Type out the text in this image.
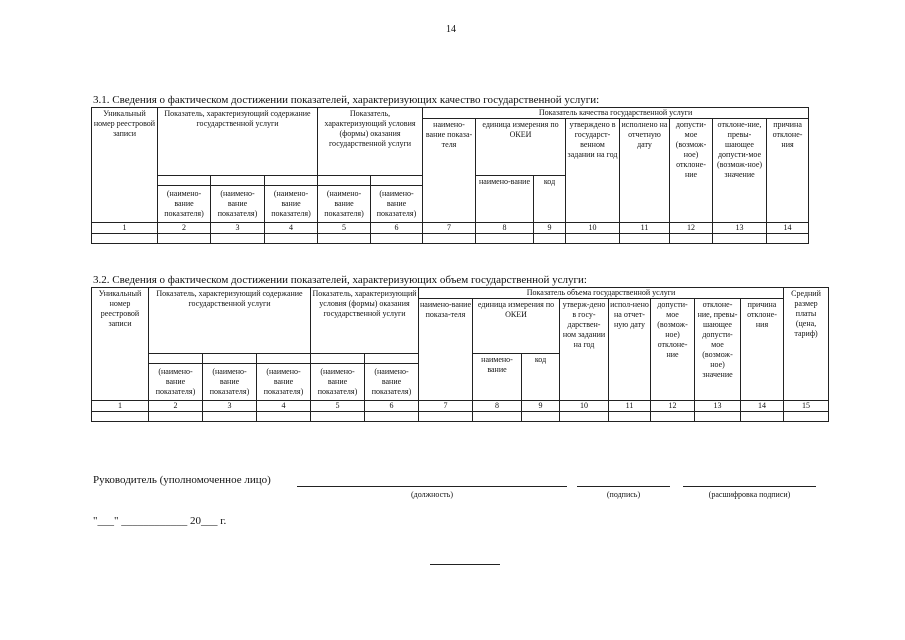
14
3.1. Сведения о фактическом достижении показателей, характеризующих качество государственной услуги:
Уникальный номер реестровой записи	Показатель, характеризующий содержание государственной услуги			Показатель, характеризующий условия (формы) оказания государственной услуги		Показатель качества государственной услуги							
						наимено-вание показа-теля	единица измерения по ОКЕИ		утверждено в государст-венном задании на год	исполнено на отчетную дату	допусти-мое (возмож-ное) отклоне-ние	отклоне-ние, превы-шающее допусти-мое (возмож-ное) значение	причина отклоне-ния
							наимено-вание	код					
	(наимено-вание показателя)	(наимено-вание показателя)	(наимено-вание показателя)	(наимено-вание показателя)	(наимено-вание показателя)								
1	2	3	4	5	6	7	8	9	10	11	12	13	14

3.2. Сведения о фактическом достижении показателей, характеризующих объем государственной услуги:
Уникальный номер реестровой записи	Показатель, характеризующий содержание государственной услуги			Показатель, характеризующий условия (формы) оказания государственной услуги		Показатель объема государственной услуги								Средний размер платы (цена, тариф)
						наимено-вание показа-теля	единица измерения по ОКЕИ		утверж-дено в госу-дарствен-ном задании на год	испол-нено на отчет-ную дату	допусти-мое (возмож-ное) отклоне-ние	отклоне-ние, превы-шающее допусти-мое (возмож-ное) значение	причина отклоне-ния	
							наимено-вание	код						
	(наимено-вание показателя)	(наимено-вание показателя)	(наимено-вание показателя)	(наимено-вание показателя)	(наимено-вание показателя)									
1	2	3	4	5	6	7	8	9	10	11	12	13	14	15

Руководитель (уполномоченное лицо)
(должность)	(подпись)	(расшифровка подписи)
"___" ____________ 20___ г.
